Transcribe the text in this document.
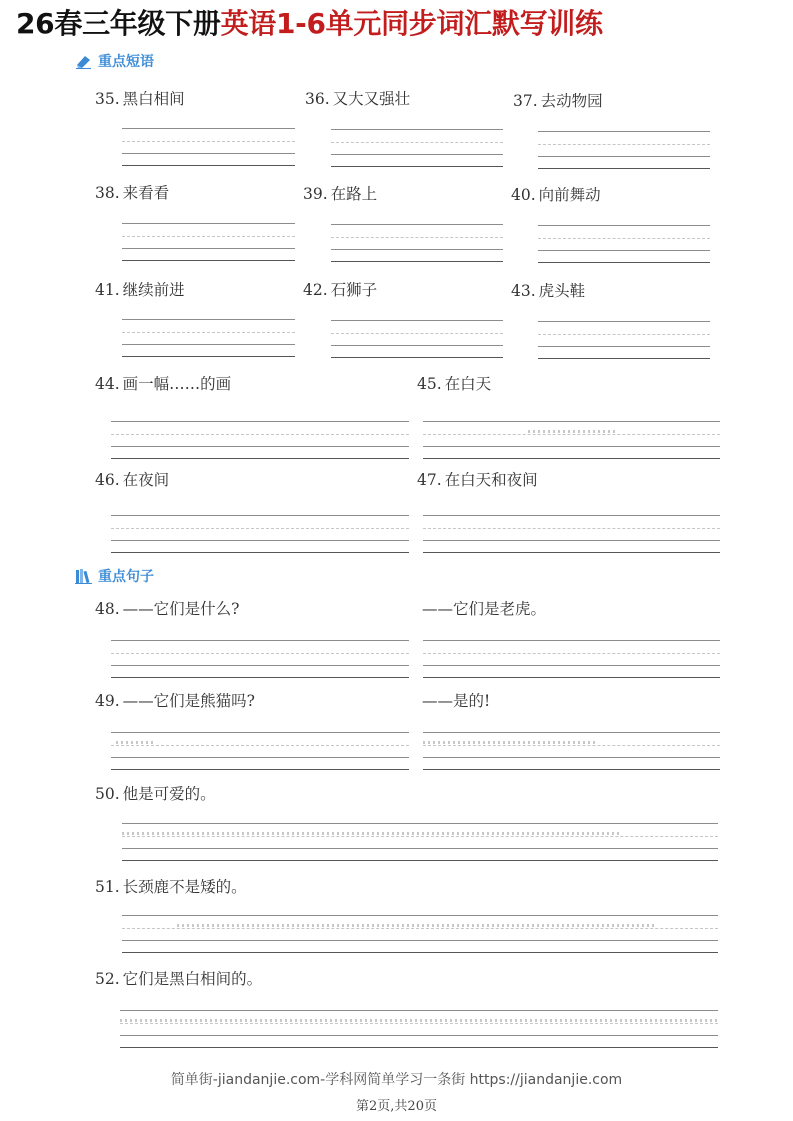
26春三年级下册英语1-6单元同步词汇默写训练
重点短语
35. 黑白相间	36. 又大又强壮	37. 去动物园
38. 来看看	39. 在路上	40. 向前舞动
41. 继续前进	42. 石狮子	43. 虎头鞋
44. 画一幅……的画	45. 在白天
46. 在夜间	47. 在白天和夜间
重点句子
48. ——它们是什么?	——它们是老虎。
49. ——它们是熊猫吗?	——是的!
50. 他是可爱的。
51. 长颈鹿不是矮的。
52. 它们是黑白相间的。
简单街-jiandanjie.com-学科网简单学习一条街 https://jiandanjie.com
第2页,共20页
